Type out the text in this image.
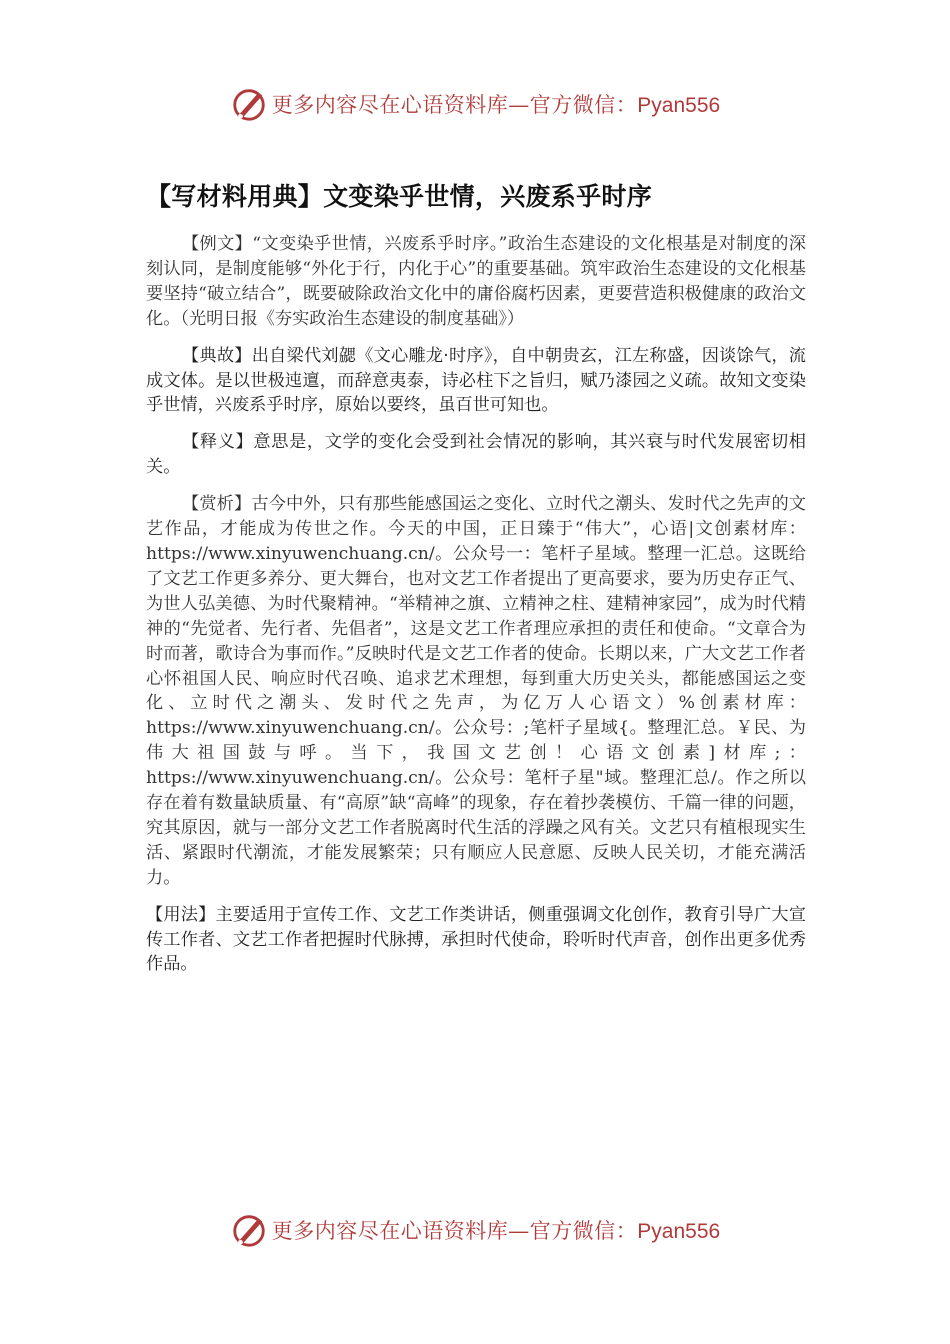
更多内容尽在心语资料库—官方微信：Pyan556
【写材料用典】文变染乎世情，兴废系乎时序

【例文】“文变染乎世情，兴废系乎时序。”政治生态建设的文化根基是对制度的深刻认同，是制度能够“外化于行，内化于心”的重要基础。筑牢政治生态建设的文化根基要坚持“破立结合”，既要破除政治文化中的庸俗腐朽因素，更要营造积极健康的政治文化。（光明日报《夯实政治生态建设的制度基础》）

【典故】出自梁代刘勰《文心雕龙·时序》，自中朝贵玄，江左称盛，因谈馀气，流成文体。是以世极迍邅，而辞意夷泰，诗必柱下之旨归，赋乃漆园之义疏。故知文变染乎世情，兴废系乎时序，原始以要终，虽百世可知也。

【释义】意思是，文学的变化会受到社会情况的影响，其兴衰与时代发展密切相关。

【赏析】古今中外，只有那些能感国运之变化、立时代之潮头、发时代之先声的文艺作品，才能成为传世之作。今天的中国，正日臻于“伟大”，心语|文创素材库：https://www.xinyuwenchuang.cn/。公众号一：笔杆子星域。整理一汇总。这既给了文艺工作更多养分、更大舞台，也对文艺工作者提出了更高要求，要为历史存正气、为世人弘美德、为时代聚精神。“举精神之旗、立精神之柱、建精神家园”，成为时代精神的“先觉者、先行者、先倡者”，这是文艺工作者理应承担的责任和使命。“文章合为时而著，歌诗合为事而作。”反映时代是文艺工作者的使命。长期以来，广大文艺工作者心怀祖国人民、响应时代召唤、追求艺术理想，每到重大历史关头，都能感国运之变化、立时代之潮头、发时代之先声，为亿万人心语文）%创素材库：https://www.xinyuwenchuang.cn/。公众号：;笔杆子星域{。整理汇总。￥民、为伟大祖国鼓与呼。当下，我国文艺创！心语文创素]材库;：https://www.xinyuwenchuang.cn/。公众号：笔杆子星"域。整理汇总/。作之所以存在着有数量缺质量、有“高原”缺“高峰”的现象，存在着抄袭模仿、千篇一律的问题，究其原因，就与一部分文艺工作者脱离时代生活的浮躁之风有关。文艺只有植根现实生活、紧跟时代潮流，才能发展繁荣；只有顺应人民意愿、反映人民关切，才能充满活力。

【用法】主要适用于宣传工作、文艺工作类讲话，侧重强调文化创作，教育引导广大宣传工作者、文艺工作者把握时代脉搏，承担时代使命，聆听时代声音，创作出更多优秀作品。

更多内容尽在心语资料库—官方微信：Pyan556
